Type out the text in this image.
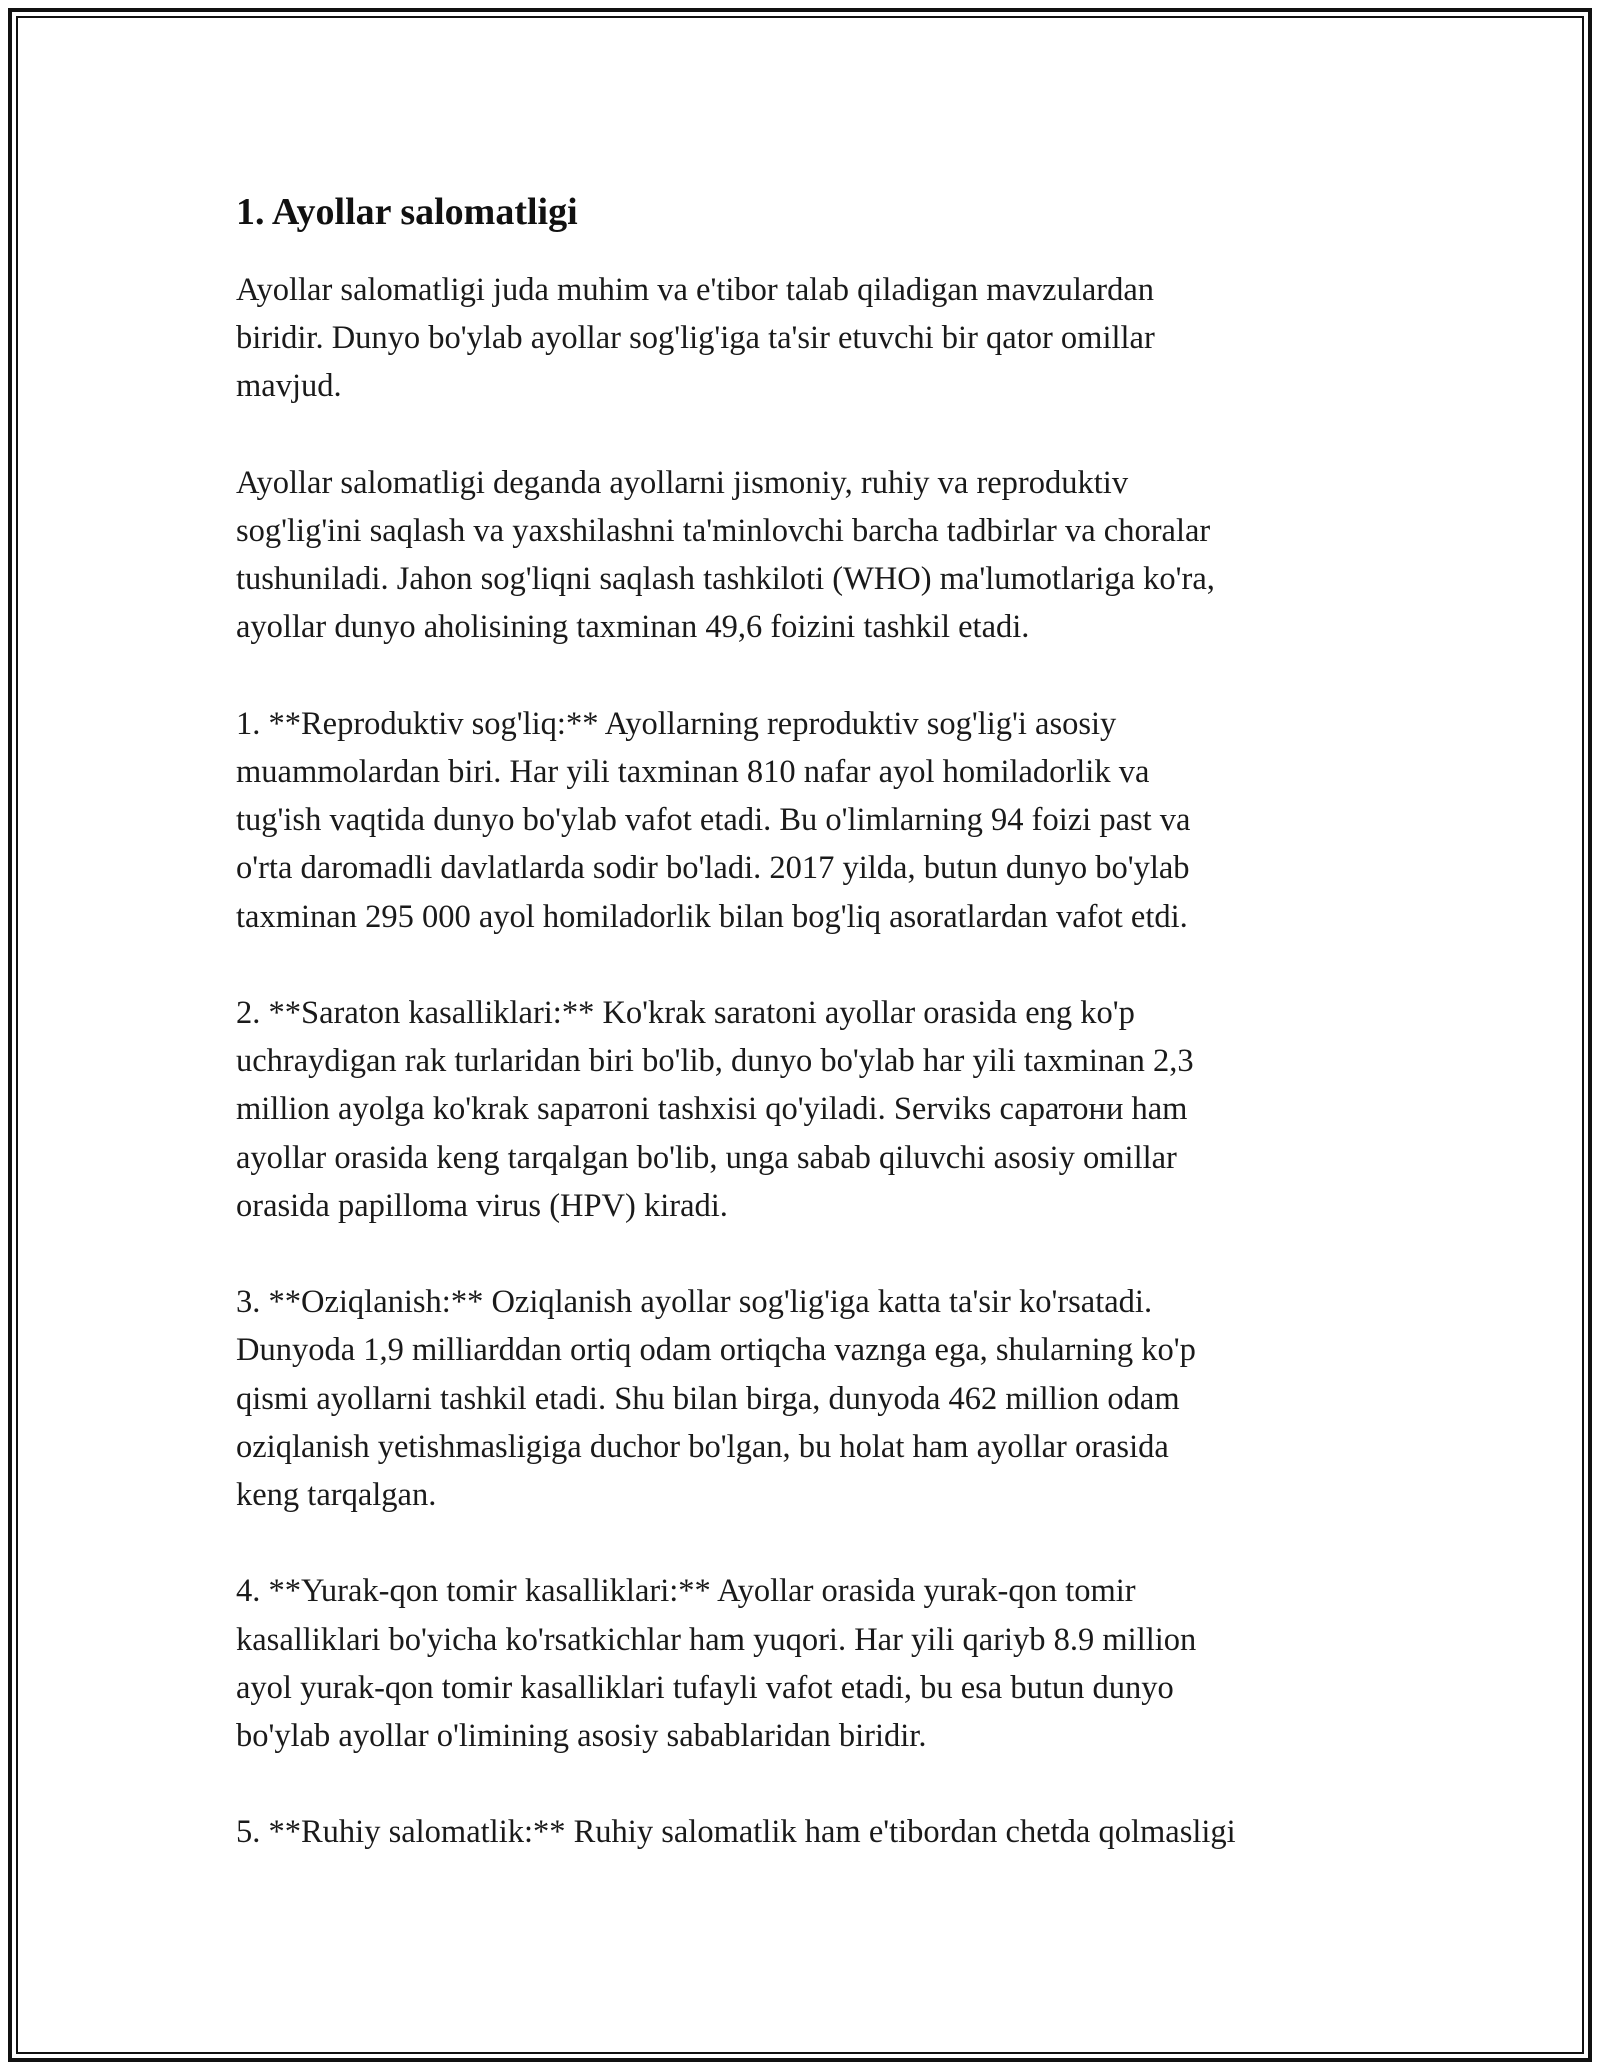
1. Ayollar salomatligi

Ayollar salomatligi juda muhim va e'tibor talab qiladigan mavzulardan
biridir. Dunyo bo'ylab ayollar sog'lig'iga ta'sir etuvchi bir qator omillar
mavjud.

Ayollar salomatligi deganda ayollarni jismoniy, ruhiy va reproduktiv
sog'lig'ini saqlash va yaxshilashni ta'minlovchi barcha tadbirlar va choralar
tushuniladi. Jahon sog'liqni saqlash tashkiloti (WHO) ma'lumotlariga ko'ra,
ayollar dunyo aholisining taxminan 49,6 foizini tashkil etadi.

1. **Reproduktiv sog'liq:** Ayollarning reproduktiv sog'lig'i asosiy
muammolardan biri. Har yili taxminan 810 nafar ayol homiladorlik va
tug'ish vaqtida dunyo bo'ylab vafot etadi. Bu o'limlarning 94 foizi past va
o'rta daromadli davlatlarda sodir bo'ladi. 2017 yilda, butun dunyo bo'ylab
taxminan 295 000 ayol homiladorlik bilan bog'liq asoratlardan vafot etdi.

2. **Saraton kasalliklari:** Ko'krak saratoni ayollar orasida eng ko'p
uchraydigan rak turlaridan biri bo'lib, dunyo bo'ylab har yili taxminan 2,3
million ayolga ko'krak sapатoni tashxisi qo'yiladi. Serviks саратони ham
ayollar orasida keng tarqalgan bo'lib, unga sabab qiluvchi asosiy omillar
orasida papilloma virus (HPV) kiradi.

3. **Oziqlanish:** Oziqlanish ayollar sog'lig'iga katta ta'sir ko'rsatadi.
Dunyoda 1,9 milliarddan ortiq odam ortiqcha vaznga ega, shularning ko'p
qismi ayollarni tashkil etadi. Shu bilan birga, dunyoda 462 million odam
oziqlanish yetishmasligiga duchor bo'lgan, bu holat ham ayollar orasida
keng tarqalgan.

4. **Yurak-qon tomir kasalliklari:** Ayollar orasida yurak-qon tomir
kasalliklari bo'yicha ko'rsatkichlar ham yuqori. Har yili qariyb 8.9 million
ayol yurak-qon tomir kasalliklari tufayli vafot etadi, bu esa butun dunyo
bo'ylab ayollar o'limining asosiy sabablaridan biridir.

5. **Ruhiy salomatlik:** Ruhiy salomatlik ham e'tibordan chetda qolmasligi
